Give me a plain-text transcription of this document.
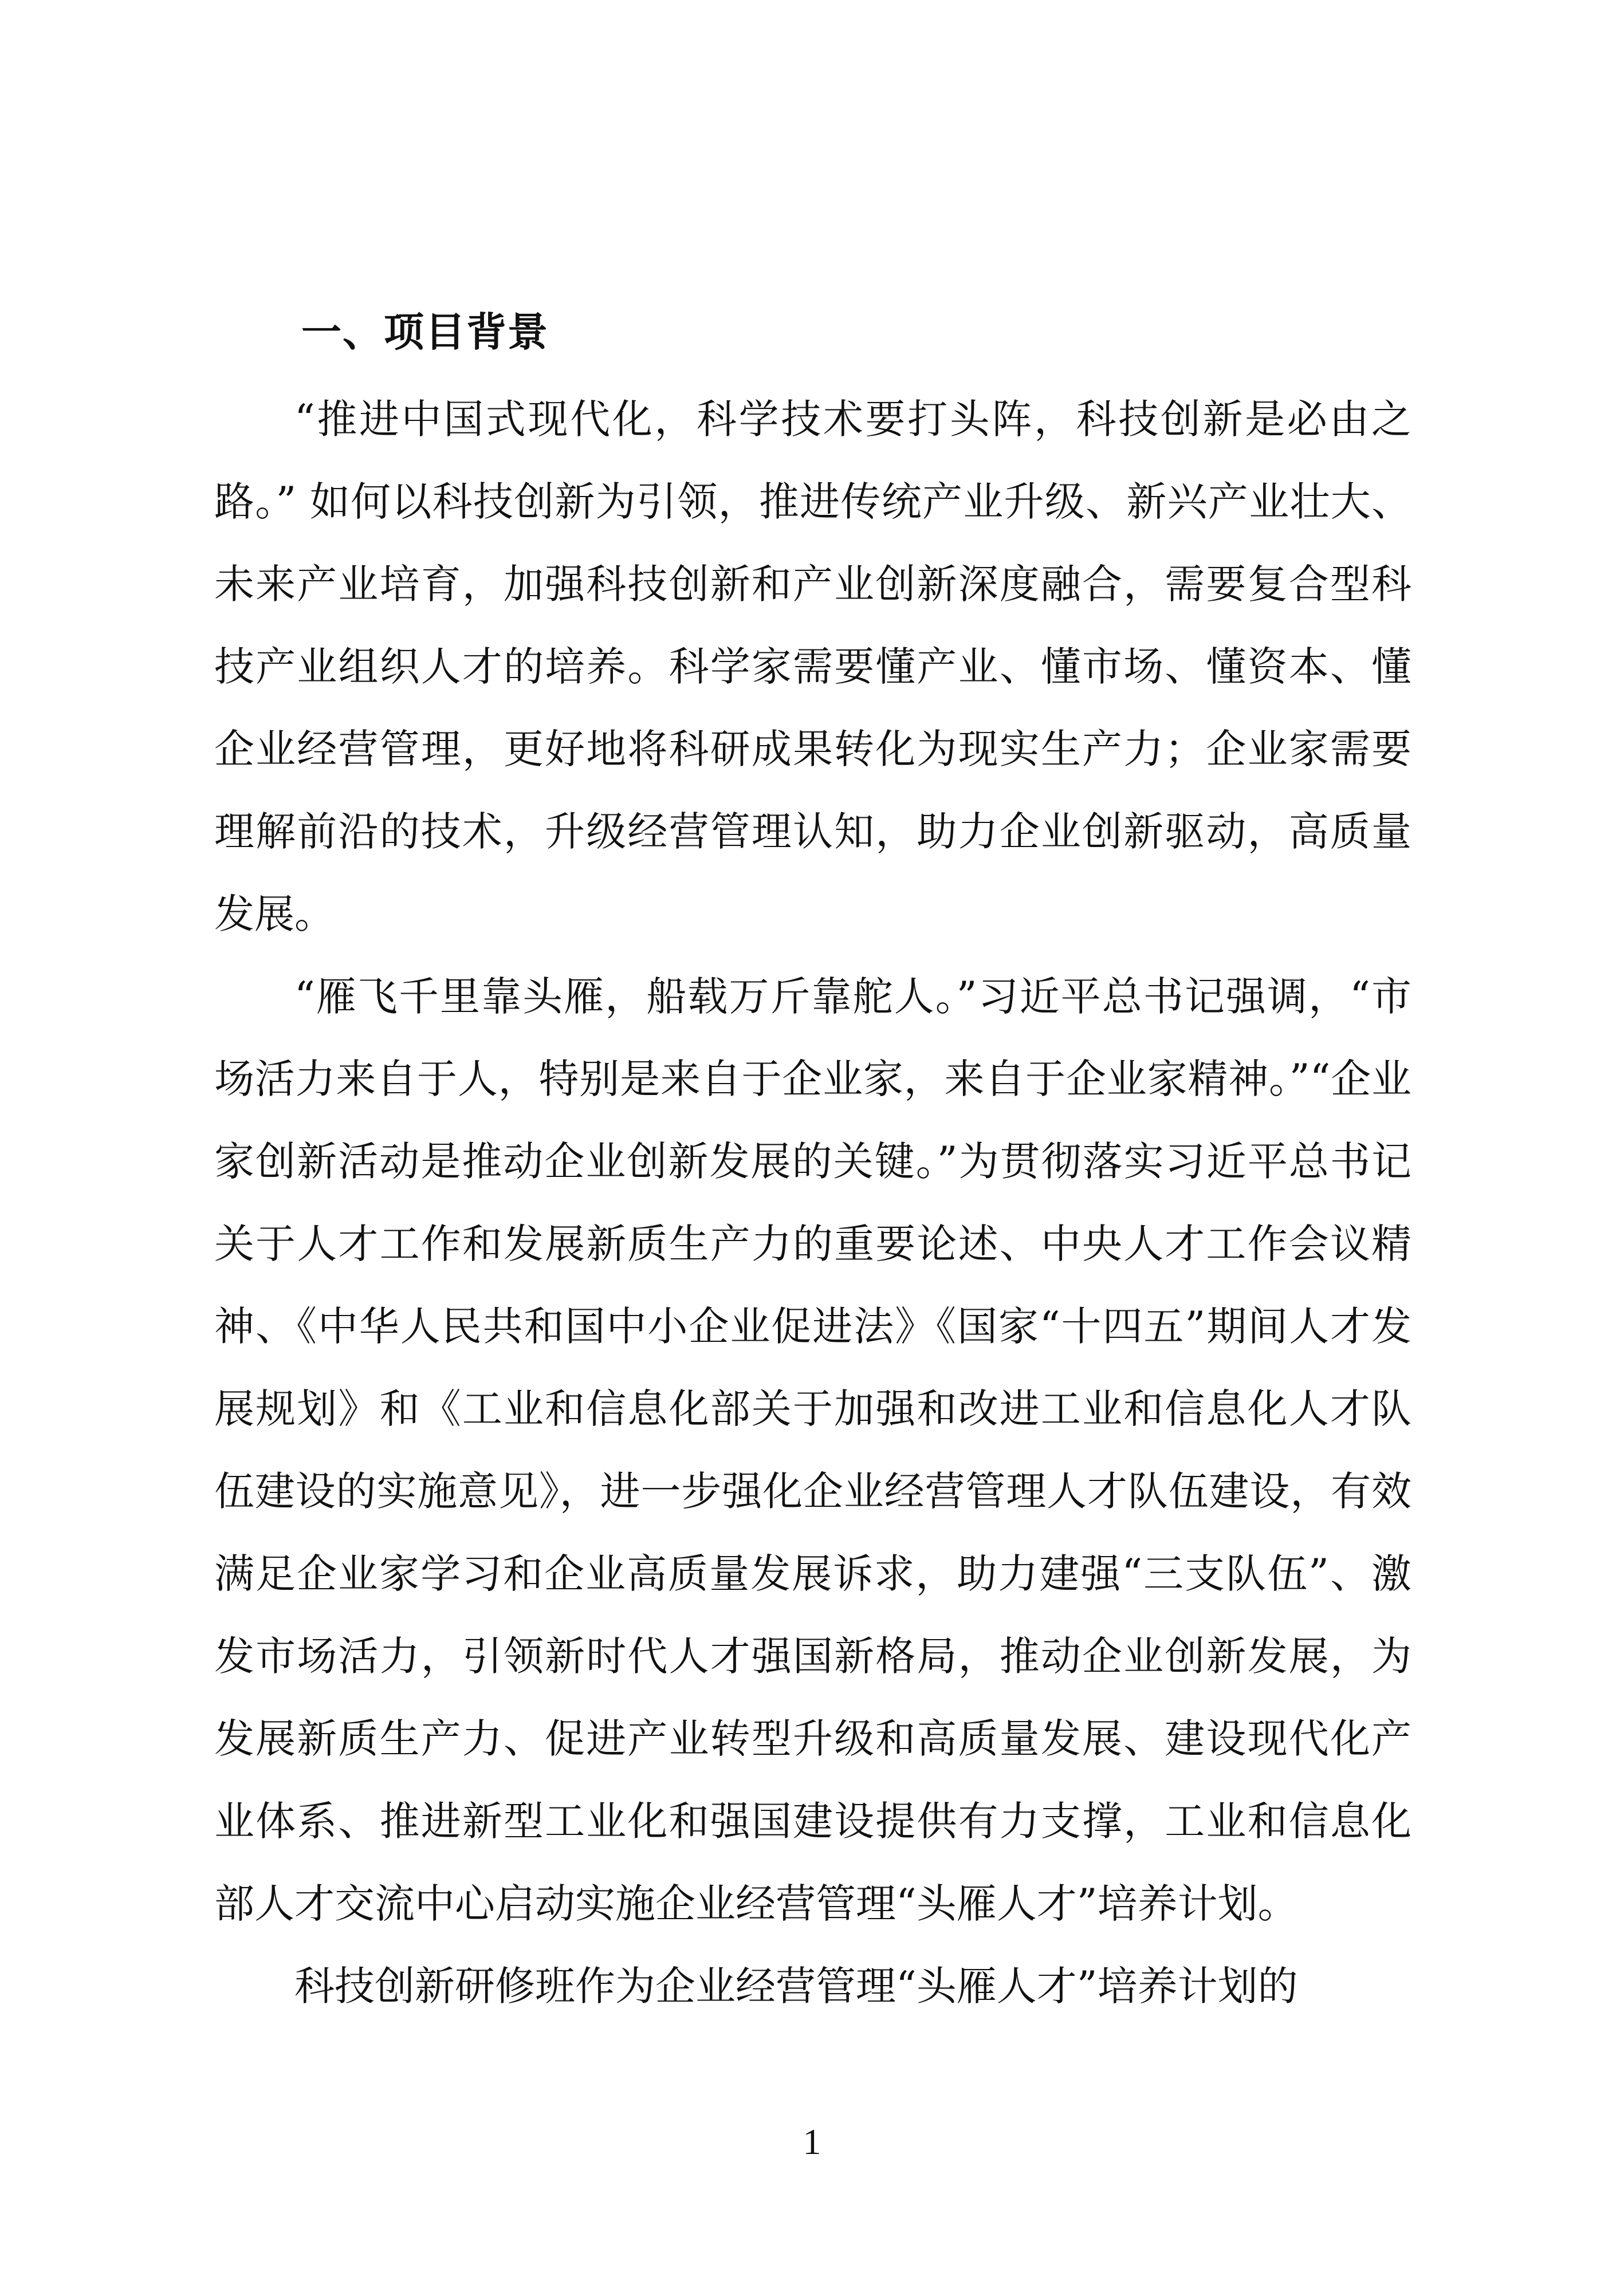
一、项目背景

“推进中国式现代化，科学技术要打头阵，科技创新是必由之路。” 如何以科技创新为引领，推进传统产业升级、新兴产业壮大、未来产业培育，加强科技创新和产业创新深度融合，需要复合型科技产业组织人才的培养。科学家需要懂产业、懂市场、懂资本、懂企业经营管理，更好地将科研成果转化为现实生产力；企业家需要理解前沿的技术，升级经营管理认知，助力企业创新驱动，高质量发展。

“雁飞千里靠头雁，船载万斤靠舵人。”习近平总书记强调，“市场活力来自于人，特别是来自于企业家，来自于企业家精神。”“企业家创新活动是推动企业创新发展的关键。”为贯彻落实习近平总书记关于人才工作和发展新质生产力的重要论述、中央人才工作会议精神、《中华人民共和国中小企业促进法》《国家“十四五”期间人才发展规划》和《工业和信息化部关于加强和改进工业和信息化人才队伍建设的实施意见》，进一步强化企业经营管理人才队伍建设，有效满足企业家学习和企业高质量发展诉求，助力建强“三支队伍”、激发市场活力，引领新时代人才强国新格局，推动企业创新发展，为发展新质生产力、促进产业转型升级和高质量发展、建设现代化产业体系、推进新型工业化和强国建设提供有力支撑，工业和信息化部人才交流中心启动实施企业经营管理“头雁人才”培养计划。

科技创新研修班作为企业经营管理“头雁人才”培养计划的

1
